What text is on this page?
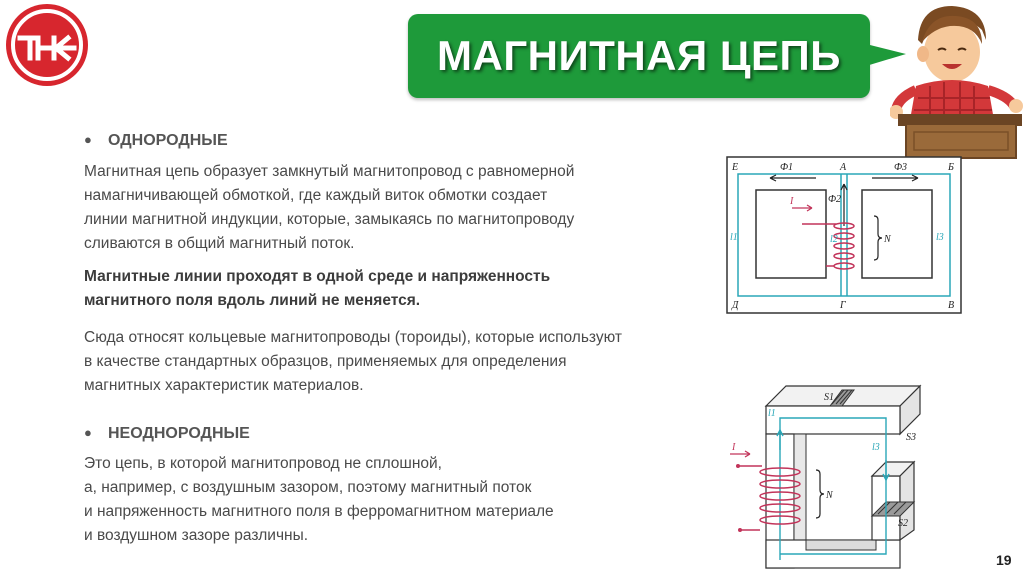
МАГНИТНАЯ ЦЕПЬ
● ОДНОРОДНЫЕ
Магнитная цепь образует замкнутый магнитопровод с равномерной
намагничивающей обмоткой, где каждый виток обмотки создает
линии магнитной индукции, которые, замыкаясь по магнитопроводу
сливаются в общий магнитный поток.
Магнитные линии проходят в одной среде и напряженность
магнитного поля вдоль линий не меняется.
Сюда относят кольцевые магнитопроводы (тороиды), которые используют
в качестве стандартных образцов, применяемых для определения
магнитных характеристик материалов.
● НЕОДНОРОДНЫЕ
Это цепь, в которой магнитопровод не сплошной,
а, например, с воздушным зазором, поэтому магнитный поток
и напряженность магнитного поля в ферромагнитном материале
и воздушном зазоре различны.
Е	А	Б
Д	Г	В
Ф1
Ф2
Ф3
l1	l2	l3
I
N
S1
S2
S3
l1
l3
I
N
19
